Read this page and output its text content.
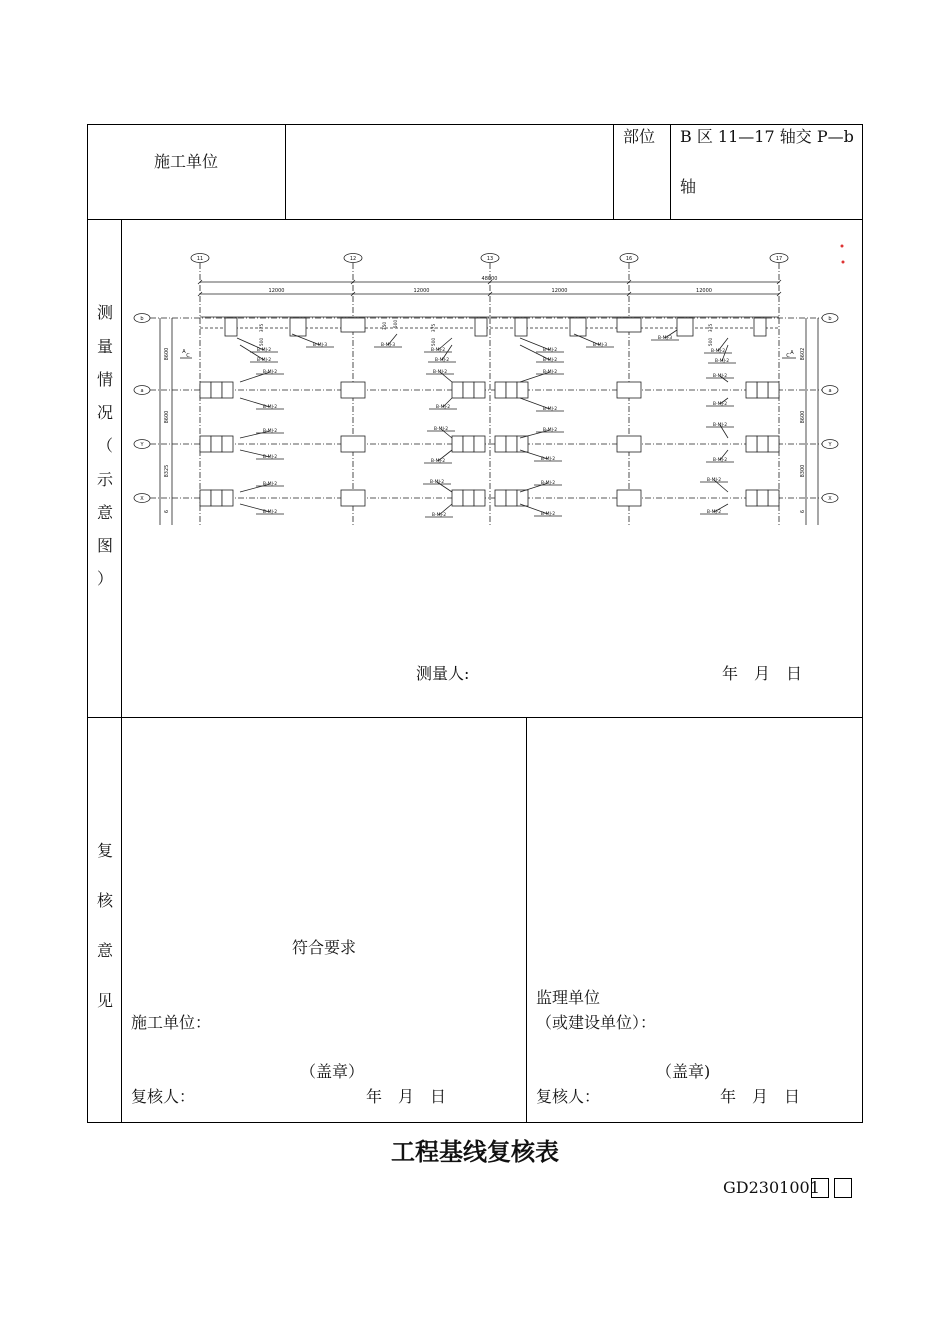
施工单位
部位 B 区 11—17 轴交 P—b
轴
测
量
情
况
（
示
意
图
）
11	12	13	16	17
48000
12000	12000	12000	12000
b	b
a	a
Y	Y
X	X
8600	8602
8600	8600
8325	8300
6	6
B-MJ-2
B-MJ-2
B-MJ-2
B-MJ-2
B-MJ-2
B-MJ-2
B-MJ-2
B-MJ-2
B-MJ-3	B-MJ-3
B-MJ-2
B-MJ-2
B-MJ-2
B-MJ-2
B-MJ-2
B-MJ-2
B-MJ-2
B-MJ-2
B-MJ-2
B-MJ-2
B-MJ-2
B-MJ-2
B-MJ-2
B-MJ-2
B-MJ-2
B-MJ-2
B-MJ-3
B-MJ-3
B-MJ-2
B-MJ-2
B-MJ-2
B-MJ-2
B-MJ-2
B-MJ-2
B-MJ-2
B-MJ-2
375
500
350 500	375
500
375
500
A
C	A
C
测量人:	年　月　日
复
核
意
见
符合要求
施工单位：
（盖章）
复核人：	年　月　日
监理单位
（或建设单位）：
（盖章)
复核人：	年　月　日
工程基线复核表
GD2301001
